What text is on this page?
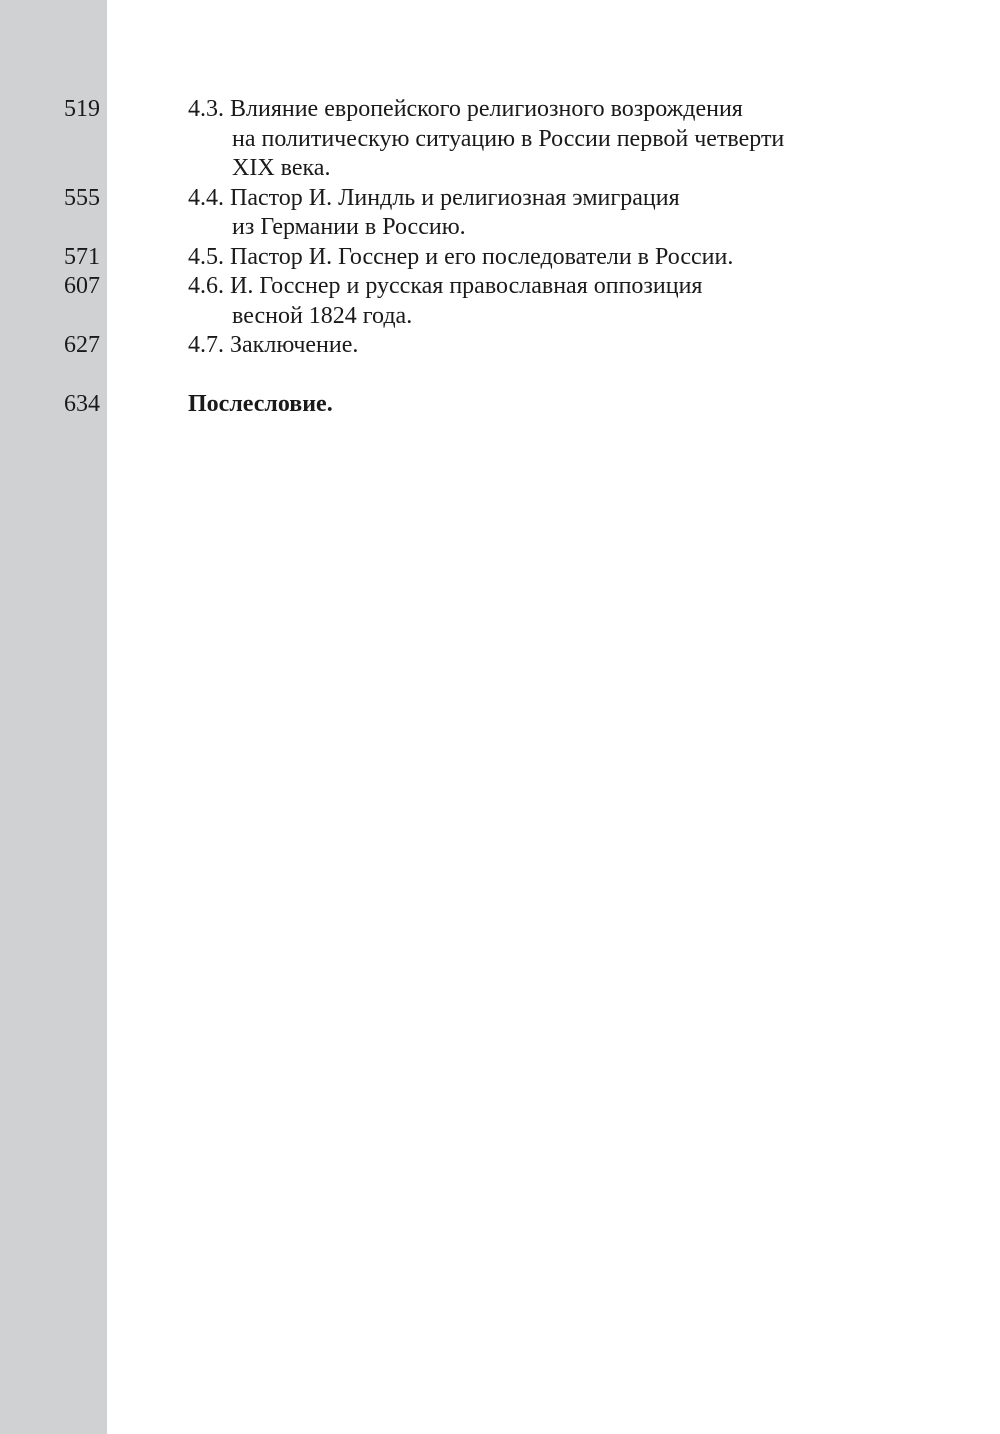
519	4.3. Влияние европейского религиозного возрождения
на политическую ситуацию в России первой четверти
XIX века.
555	4.4. Пастор И. Линдль и религиозная эмиграция
из Германии в Россию.
571	4.5. Пастор И. Госснер и его последователи в России.
607	4.6. И. Госснер и русская православная оппозиция
весной 1824 года.
627	4.7. Заключение.
634	Послесловие.
